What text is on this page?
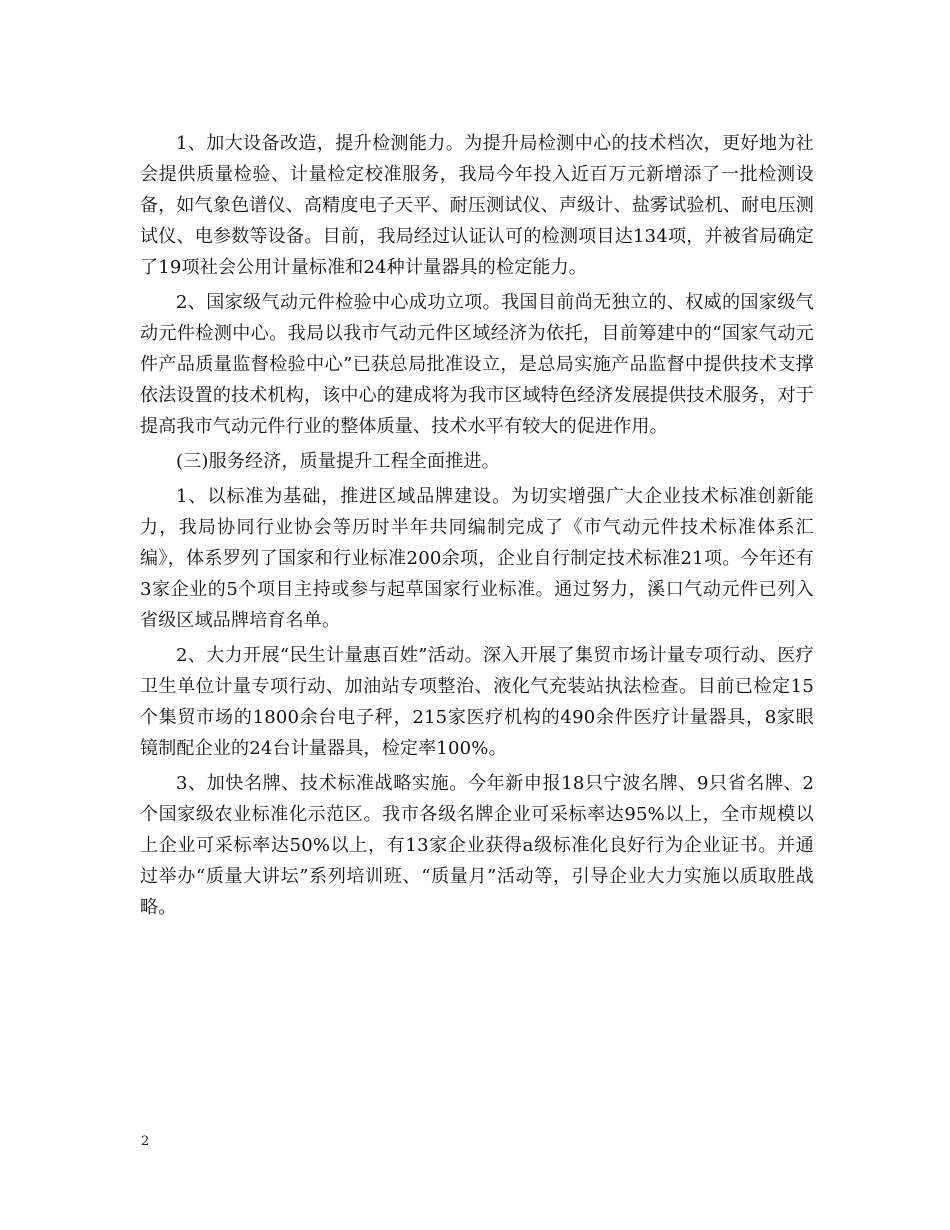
1、加大设备改造，提升检测能力。为提升局检测中心的技术档次，更好地为社会提供质量检验、计量检定校准服务，我局今年投入近百万元新增添了一批检测设备，如气象色谱仪、高精度电子天平、耐压测试仪、声级计、盐雾试验机、耐电压测试仪、电参数等设备。目前，我局经过认证认可的检测项目达134项，并被省局确定了19项社会公用计量标准和24种计量器具的检定能力。

2、国家级气动元件检验中心成功立项。我国目前尚无独立的、权威的国家级气动元件检测中心。我局以我市气动元件区域经济为依托，目前筹建中的“国家气动元件产品质量监督检验中心”已获总局批准设立，是总局实施产品监督中提供技术支撑依法设置的技术机构，该中心的建成将为我市区域特色经济发展提供技术服务，对于提高我市气动元件行业的整体质量、技术水平有较大的促进作用。

(三)服务经济，质量提升工程全面推进。

1、以标准为基础，推进区域品牌建设。为切实增强广大企业技术标准创新能力，我局协同行业协会等历时半年共同编制完成了《市气动元件技术标准体系汇编》，体系罗列了国家和行业标准200余项，企业自行制定技术标准21项。今年还有3家企业的5个项目主持或参与起草国家行业标准。通过努力，溪口气动元件已列入省级区域品牌培育名单。

2、大力开展“民生计量惠百姓”活动。深入开展了集贸市场计量专项行动、医疗卫生单位计量专项行动、加油站专项整治、液化气充装站执法检查。目前已检定15个集贸市场的1800余台电子秤，215家医疗机构的490余件医疗计量器具，8家眼镜制配企业的24台计量器具，检定率100%。

3、加快名牌、技术标准战略实施。今年新申报18只宁波名牌、9只省名牌、2个国家级农业标准化示范区。我市各级名牌企业可采标率达95%以上，全市规模以上企业可采标率达50%以上，有13家企业获得a级标准化良好行为企业证书。并通过举办“质量大讲坛”系列培训班、“质量月”活动等，引导企业大力实施以质取胜战略。

2
